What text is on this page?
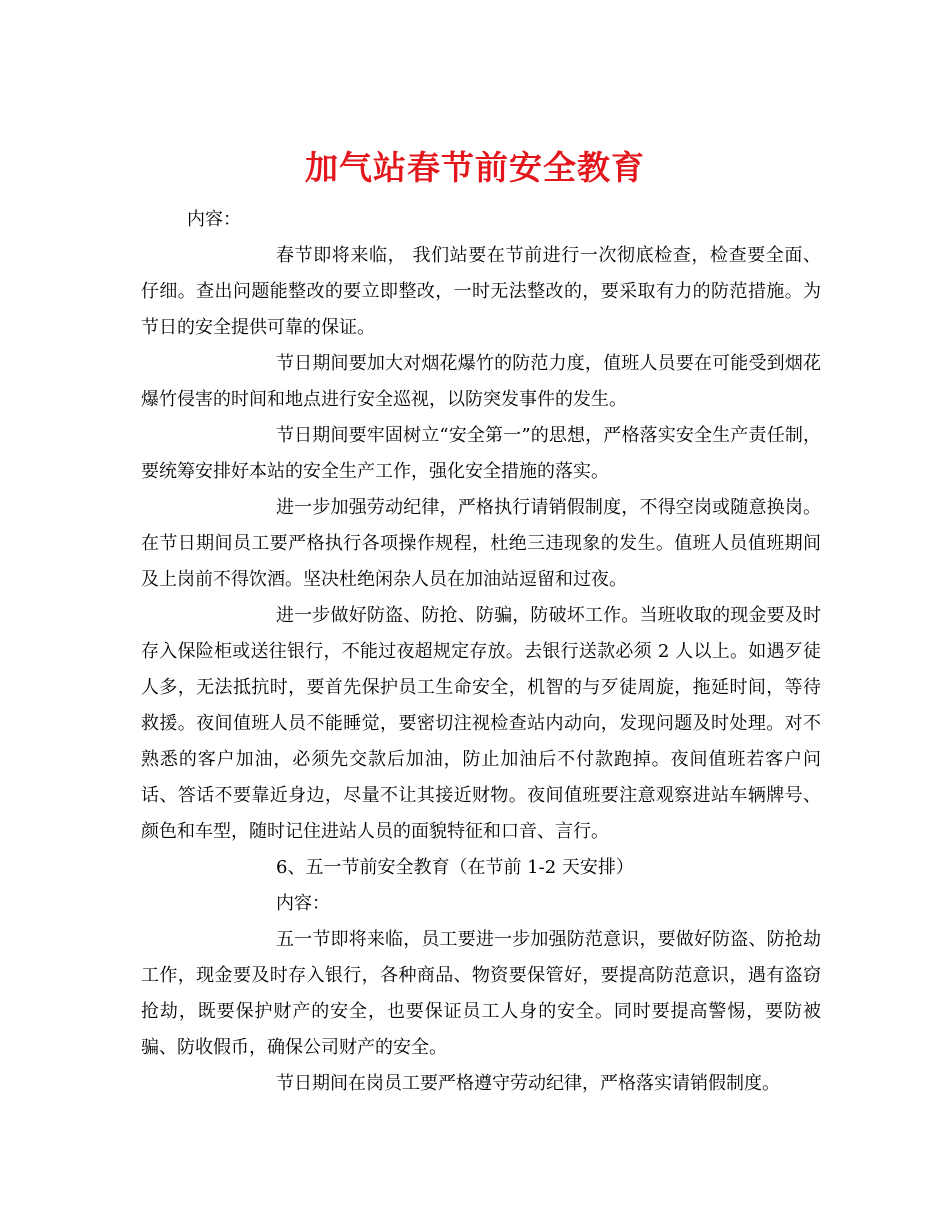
加气站春节前安全教育

内容：

春节即将来临， 我们站要在节前进行一次彻底检查，检查要全面、仔细。查出问题能整改的要立即整改，一时无法整改的，要采取有力的防范措施。为节日的安全提供可靠的保证。

节日期间要加大对烟花爆竹的防范力度，值班人员要在可能受到烟花爆竹侵害的时间和地点进行安全巡视，以防突发事件的发生。

节日期间要牢固树立“安全第一”的思想，严格落实安全生产责任制，要统筹安排好本站的安全生产工作，强化安全措施的落实。

进一步加强劳动纪律，严格执行请销假制度，不得空岗或随意换岗。在节日期间员工要严格执行各项操作规程，杜绝三违现象的发生。值班人员值班期间及上岗前不得饮酒。坚决杜绝闲杂人员在加油站逗留和过夜。

进一步做好防盗、防抢、防骗，防破坏工作。当班收取的现金要及时存入保险柜或送往银行，不能过夜超规定存放。去银行送款必须 2 人以上。如遇歹徒人多，无法抵抗时，要首先保护员工生命安全，机智的与歹徒周旋，拖延时间，等待救援。夜间值班人员不能睡觉，要密切注视检查站内动向，发现问题及时处理。对不熟悉的客户加油，必须先交款后加油，防止加油后不付款跑掉。夜间值班若客户问话、答话不要靠近身边，尽量不让其接近财物。夜间值班要注意观察进站车辆牌号、颜色和车型，随时记住进站人员的面貌特征和口音、言行。

6、五一节前安全教育（在节前 1-2 天安排）

内容：

五一节即将来临，员工要进一步加强防范意识，要做好防盗、防抢劫工作，现金要及时存入银行，各种商品、物资要保管好，要提高防范意识，遇有盗窃抢劫，既要保护财产的安全，也要保证员工人身的安全。同时要提高警惕，要防被骗、防收假币，确保公司财产的安全。

节日期间在岗员工要严格遵守劳动纪律，严格落实请销假制度。
